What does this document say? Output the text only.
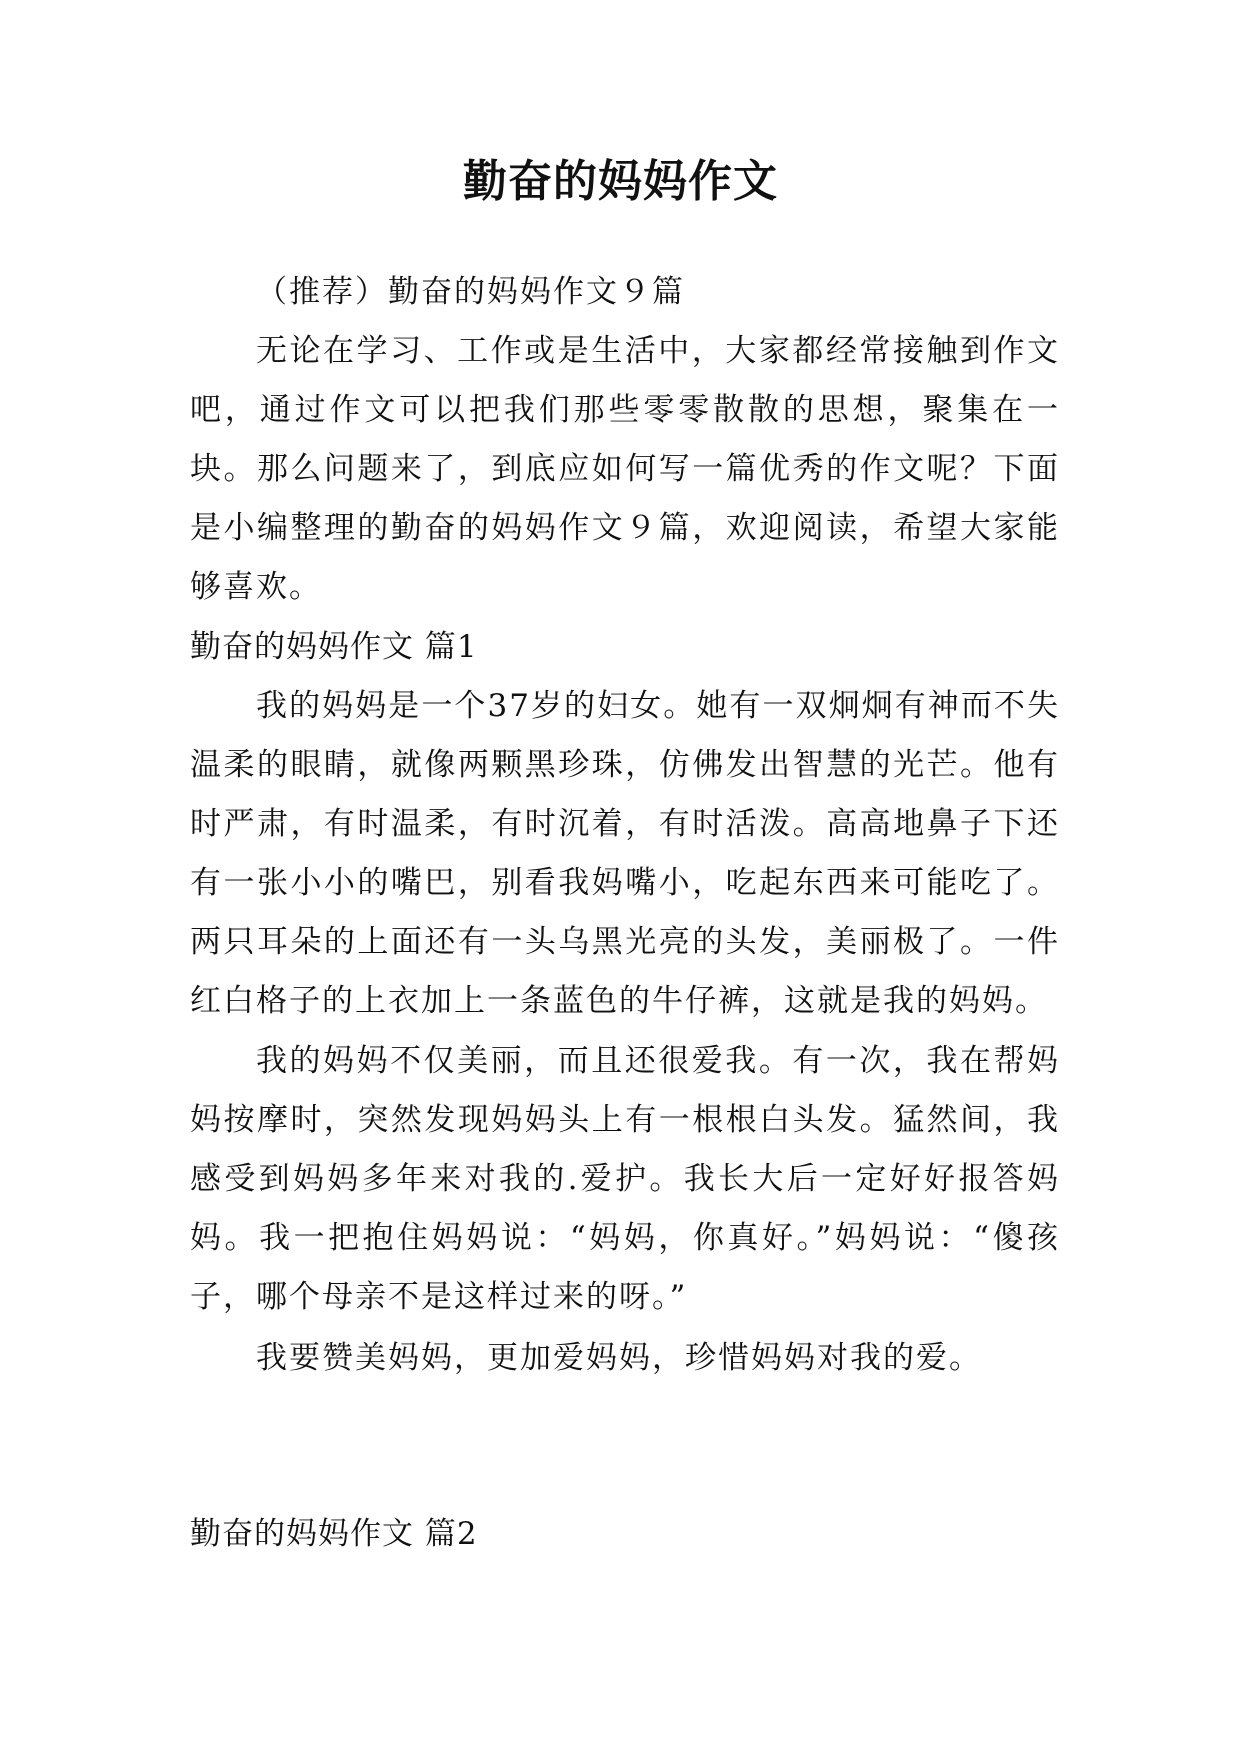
勤奋的妈妈作文

（推荐）勤奋的妈妈作文９篇

无论在学习、工作或是生活中，大家都经常接触到作文吧，通过作文可以把我们那些零零散散的思想，聚集在一块。那么问题来了，到底应如何写一篇优秀的作文呢？下面是小编整理的勤奋的妈妈作文９篇，欢迎阅读，希望大家能够喜欢。

勤奋的妈妈作文 篇1

我的妈妈是一个37岁的妇女。她有一双炯炯有神而不失温柔的眼睛，就像两颗黑珍珠，仿佛发出智慧的光芒。他有时严肃，有时温柔，有时沉着，有时活泼。高高地鼻子下还有一张小小的嘴巴，别看我妈嘴小，吃起东西来可能吃了。两只耳朵的上面还有一头乌黑光亮的头发，美丽极了。一件红白格子的上衣加上一条蓝色的牛仔裤，这就是我的妈妈。

我的妈妈不仅美丽，而且还很爱我。有一次，我在帮妈妈按摩时，突然发现妈妈头上有一根根白头发。猛然间，我感受到妈妈多年来对我的.爱护。我长大后一定好好报答妈妈。我一把抱住妈妈说：“妈妈，你真好。”妈妈说：“傻孩子，哪个母亲不是这样过来的呀。”

我要赞美妈妈，更加爱妈妈，珍惜妈妈对我的爱。

勤奋的妈妈作文 篇2
